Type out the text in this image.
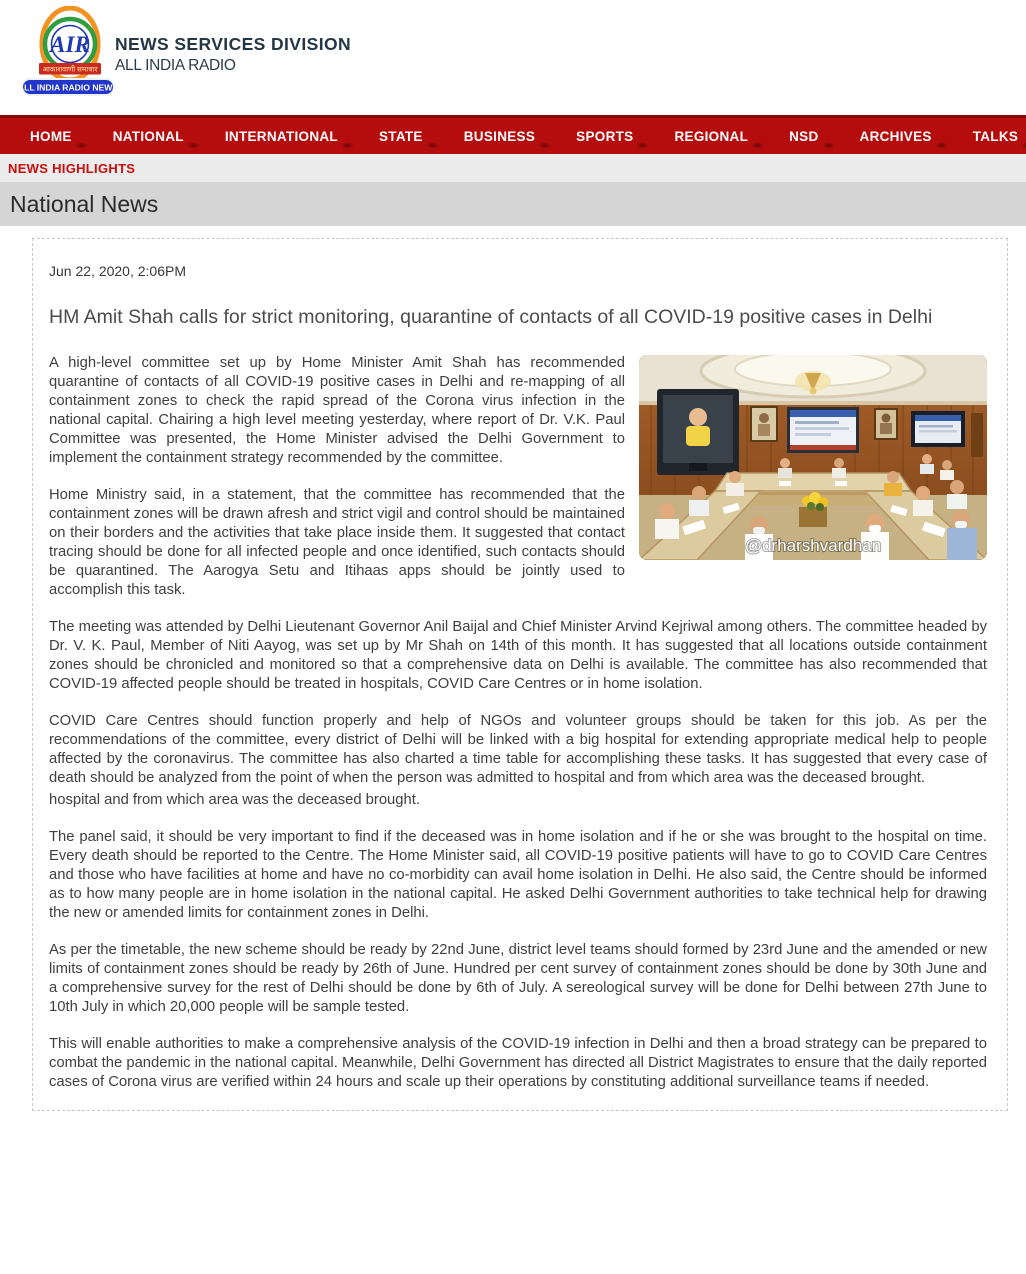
AIR
आकाशवाणी समाचार
ALL INDIA RADIO NEWS
NEWS SERVICES DIVISION
ALL INDIA RADIO
HOME	NATIONAL	INTERNATIONAL	STATE	BUSINESS	SPORTS	REGIONAL	NSD	ARCHIVES	TALKS
NEWS HIGHLIGHTS
National News
Jun 22, 2020, 2:06PM
HM Amit Shah calls for strict monitoring, quarantine of contacts of all COVID-19 positive cases in Delhi
@drharshvardhan

A high-level committee set up by Home Minister Amit Shah has recommended quarantine of contacts of all COVID-19 positive cases in Delhi and re-mapping of all containment zones to check the rapid spread of the Corona virus infection in the national capital. Chairing a high level meeting yesterday, where report of Dr. V.K. Paul Committee was presented, the Home Minister advised the Delhi Government to implement the containment strategy recommended by the committee.

Home Ministry said, in a statement, that the committee has recommended that the containment zones will be drawn afresh and strict vigil and control should be maintained on their borders and the activities that take place inside them. It suggested that contact tracing should be done for all infected people and once identified, such contacts should be quarantined. The Aarogya Setu and Itihaas apps should be jointly used to accomplish this task.

The meeting was attended by Delhi Lieutenant Governor Anil Baijal and Chief Minister Arvind Kejriwal among others. The committee headed by Dr. V. K. Paul, Member of Niti Aayog, was set up by Mr Shah on 14th of this month. It has suggested that all locations outside containment zones should be chronicled and monitored so that a comprehensive data on Delhi is available. The committee has also recommended that COVID-19 affected people should be treated in hospitals, COVID Care Centres or in home isolation.

COVID Care Centres should function properly and help of NGOs and volunteer groups should be taken for this job. As per the recommendations of the committee, every district of Delhi will be linked with a big hospital for extending appropriate medical help to people affected by the coronavirus. The committee has also charted a time table for accomplishing these tasks. It has suggested that every case of death should be analyzed from the point of when the person was admitted to hospital and from which area was the deceased brought.

hospital and from which area was the deceased brought.

The panel said, it should be very important to find if the deceased was in home isolation and if he or she was brought to the hospital on time. Every death should be reported to the Centre. The Home Minister said, all COVID-19 positive patients will have to go to COVID Care Centres and those who have facilities at home and have no co-morbidity can avail home isolation in Delhi. He also said, the Centre should be informed as to how many people are in home isolation in the national capital. He asked Delhi Government authorities to take technical help for drawing the new or amended limits for containment zones in Delhi.

As per the timetable, the new scheme should be ready by 22nd June, district level teams should formed by 23rd June and the amended or new limits of containment zones should be ready by 26th of June. Hundred per cent survey of containment zones should be done by 30th June and a comprehensive survey for the rest of Delhi should be done by 6th of July. A sereological survey will be done for Delhi between 27th June to 10th July in which 20,000 people will be sample tested.

This will enable authorities to make a comprehensive analysis of the COVID-19 infection in Delhi and then a broad strategy can be prepared to combat the pandemic in the national capital. Meanwhile, Delhi Government has directed all District Magistrates to ensure that the daily reported cases of Corona virus are verified within 24 hours and scale up their operations by constituting additional surveillance teams if needed.
